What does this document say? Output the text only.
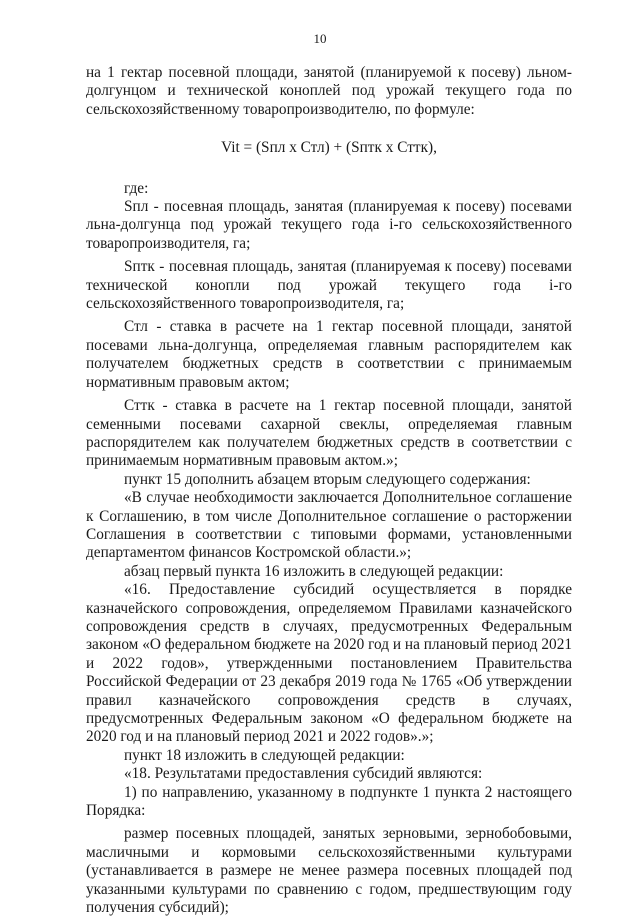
10

на 1 гектар посевной площади, занятой (планируемой к посеву) льном-долгунцом и технической коноплей под урожай текущего года по сельскохозяйственному товаропроизводителю, по формуле:

Vit = (Sпл x Стл) + (Sптк x Сттк),

где:

Sпл - посевная площадь, занятая (планируемая к посеву) посевами льна-долгунца под урожай текущего года i-го сельскохозяйственного товаропроизводителя, га;

Sптк - посевная площадь, занятая (планируемая к посеву) посевами технической конопли под урожай текущего года i-го сельскохозяйственного товаропроизводителя, га;

Стл - ставка в расчете на 1 гектар посевной площади, занятой посевами льна-долгунца, определяемая главным распорядителем как получателем бюджетных средств в соответствии с принимаемым нормативным правовым актом;

Сттк - ставка в расчете на 1 гектар посевной площади, занятой семенными посевами сахарной свеклы, определяемая главным распорядителем как получателем бюджетных средств в соответствии с принимаемым нормативным правовым актом.»;

пункт 15 дополнить абзацем вторым следующего содержания:

«В случае необходимости заключается Дополнительное соглашение к Соглашению, в том числе Дополнительное соглашение о расторжении Соглашения в соответствии с типовыми формами, установленными департаментом финансов Костромской области.»;

абзац первый пункта 16 изложить в следующей редакции:

«16. Предоставление субсидий осуществляется в порядке казначейского сопровождения, определяемом Правилами казначейского сопровождения средств в случаях, предусмотренных Федеральным законом «О федеральном бюджете на 2020 год и на плановый период 2021 и 2022 годов», утвержденными постановлением Правительства Российской Федерации от 23 декабря 2019 года № 1765 «Об утверждении правил казначейского сопровождения средств в случаях, предусмотренных Федеральным законом «О федеральном бюджете на 2020 год и на плановый период 2021 и 2022 годов».»;

пункт 18 изложить в следующей редакции:

«18. Результатами предоставления субсидий являются:

1) по направлению, указанному в подпункте 1 пункта 2 настоящего Порядка:

размер посевных площадей, занятых зерновыми, зернобобовыми, масличными и кормовыми сельскохозяйственными культурами (устанавливается в размере не менее размера посевных площадей под указанными культурами по сравнению с годом, предшествующим году получения субсидий);
